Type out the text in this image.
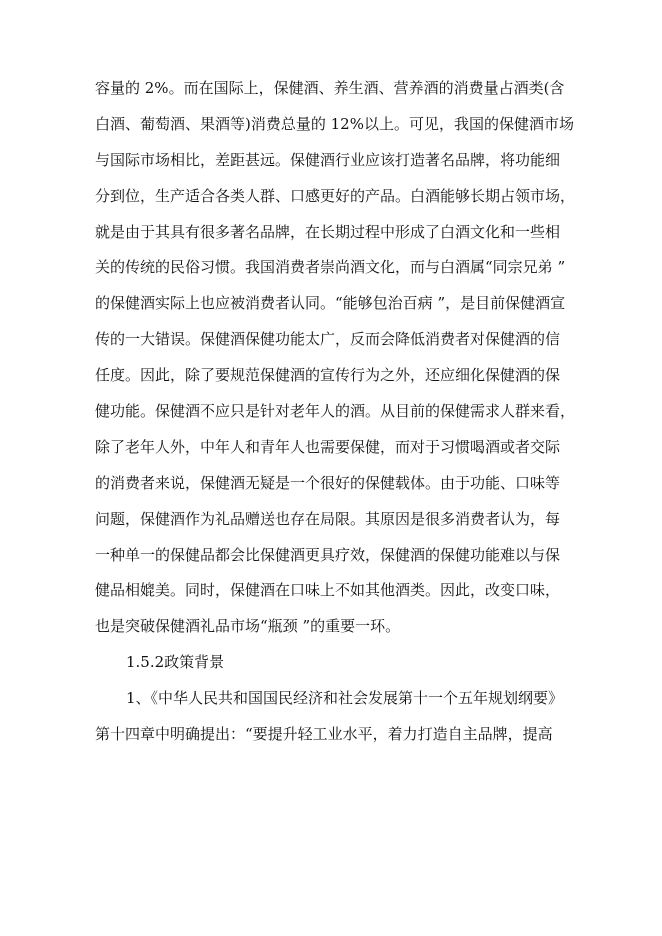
容量的 2%。而在国际上，保健酒、养生酒、营养酒的消费量占酒类(含
白酒、葡萄酒、果酒等)消费总量的 12%以上。可见，我国的保健酒市场
与国际市场相比，差距甚远。保健酒行业应该打造著名品牌，将功能细
分到位，生产适合各类人群、口感更好的产品。白酒能够长期占领市场，
就是由于其具有很多著名品牌，在长期过程中形成了白酒文化和一些相
关的传统的民俗习惯。我国消费者崇尚酒文化，而与白酒属“同宗兄弟 ”
的保健酒实际上也应被消费者认同。“能够包治百病 ”，是目前保健酒宣
传的一大错误。保健酒保健功能太广，反而会降低消费者对保健酒的信
任度。因此，除了要规范保健酒的宣传行为之外，还应细化保健酒的保
健功能。保健酒不应只是针对老年人的酒。从目前的保健需求人群来看，
除了老年人外，中年人和青年人也需要保健，而对于习惯喝酒或者交际
的消费者来说，保健酒无疑是一个很好的保健载体。由于功能、口味等
问题，保健酒作为礼品赠送也存在局限。其原因是很多消费者认为，每
一种单一的保健品都会比保健酒更具疗效，保健酒的保健功能难以与保
健品相媲美。同时，保健酒在口味上不如其他酒类。因此，改变口味，
也是突破保健酒礼品市场“瓶颈 ”的重要一环。
1.5.2政策背景
1、《中华人民共和国国民经济和社会发展第十一个五年规划纲要》
第十四章中明确提出：“要提升轻工业水平，着力打造自主品牌，提高
